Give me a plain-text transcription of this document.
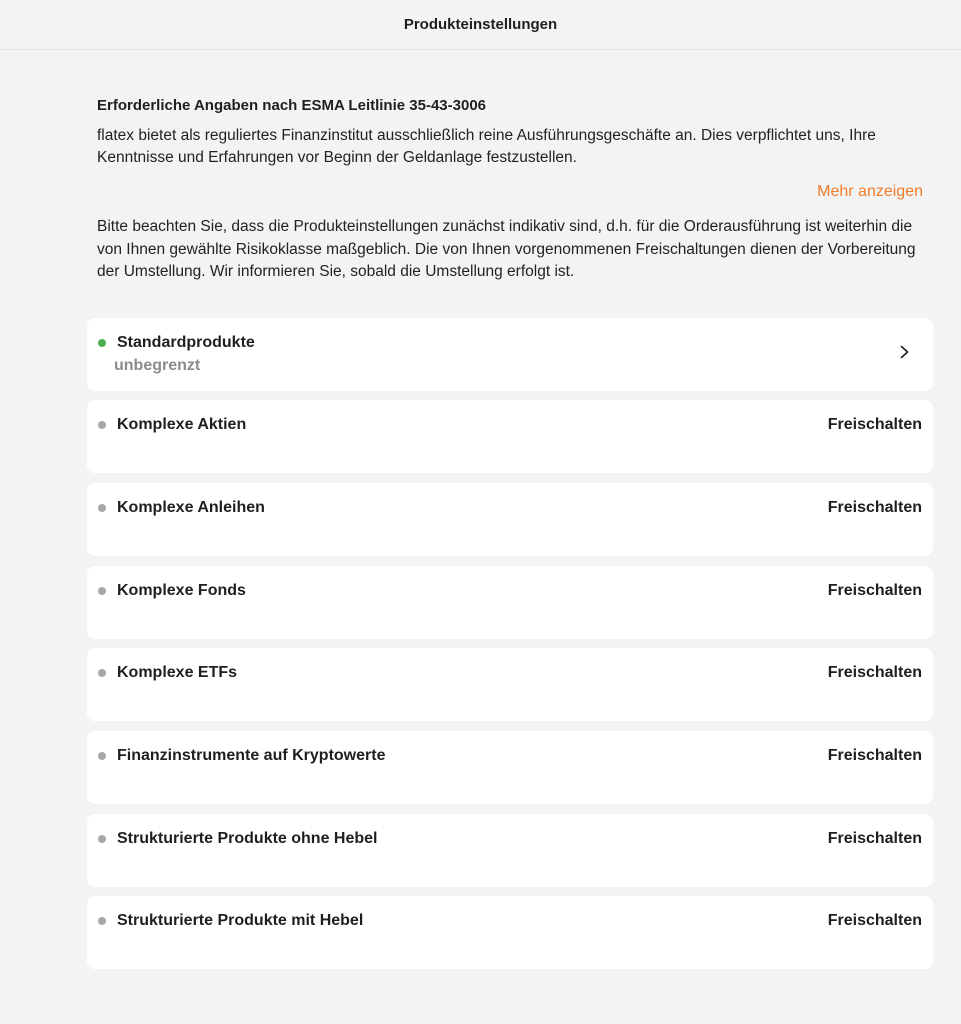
Produkteinstellungen
Erforderliche Angaben nach ESMA Leitlinie 35-43-3006
flatex bietet als reguliertes Finanzinstitut ausschließlich reine Ausführungsgeschäfte an. Dies verpflichtet uns, Ihre Kenntnisse und Erfahrungen vor Beginn der Geldanlage festzustellen.
Mehr anzeigen
Bitte beachten Sie, dass die Produkteinstellungen zunächst indikativ sind, d.h. für die Orderausführung ist weiterhin die von Ihnen gewählte Risikoklasse maßgeblich. Die von Ihnen vorgenommenen Freischaltungen dienen der Vorbereitung der Umstellung. Wir informieren Sie, sobald die Umstellung erfolgt ist.
Standardprodukte
unbegrenzt
Komplexe Aktien	Freischalten
Komplexe Anleihen	Freischalten
Komplexe Fonds	Freischalten
Komplexe ETFs	Freischalten
Finanzinstrumente auf Kryptowerte	Freischalten
Strukturierte Produkte ohne Hebel	Freischalten
Strukturierte Produkte mit Hebel	Freischalten
